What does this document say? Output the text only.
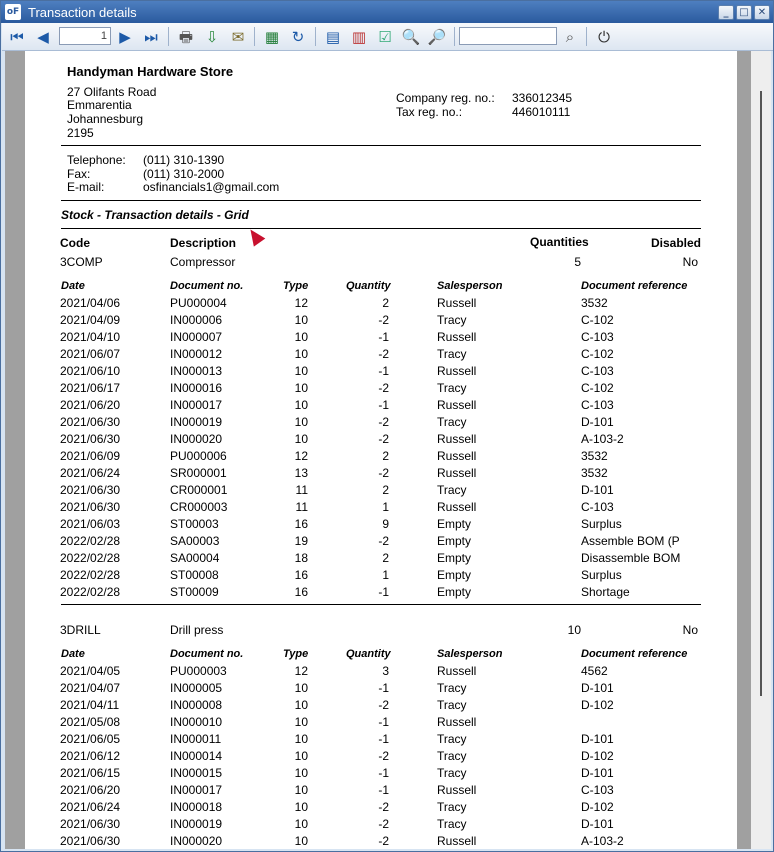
oF Transaction details	_	□ ✕
⏮ ◀	1 ▶ ⏭ 🖶 ⇩ ✉ ▦ ↻ ▤ ▥ ☑ 🔍 🔎	⌕	⏻
Handyman Hardware Store
27 Olifants Road
Emmarentia
Johannesburg
2195
Company reg. no.: 336012345
Tax reg. no.:	446010111
Telephone: (011) 310-1390
Fax:	(011) 310-2000
E-mail:	osfinancials1@gmail.com
Stock - Transaction details - Grid
Code	Description	Quantities	Disabled
3COMP	Compressor	5	No
Date	Document no.	Type	Quantity	Salesperson	Document reference
2021/04/06	PU000004	12	2	Russell	3532
2021/04/09	IN000006	10	-2	Tracy	C-102
2021/04/10	IN000007	10	-1	Russell	C-103
2021/06/07	IN000012	10	-2	Tracy	C-102
2021/06/10	IN000013	10	-1	Russell	C-103
2021/06/17	IN000016	10	-2	Tracy	C-102
2021/06/20	IN000017	10	-1	Russell	C-103
2021/06/30	IN000019	10	-2	Tracy	D-101
2021/06/30	IN000020	10	-2	Russell	A-103-2
2021/06/09	PU000006	12	2	Russell	3532
2021/06/24	SR000001	13	-2	Russell	3532
2021/06/30	CR000001	11	2	Tracy	D-101
2021/06/30	CR000003	11	1	Russell	C-103
2021/06/03	ST00003	16	9	Empty	Surplus
2022/02/28	SA00003	19	-2	Empty	Assemble BOM (P
2022/02/28	SA00004	18	2	Empty	Disassemble BOM
2022/02/28	ST00008	16	1	Empty	Surplus
2022/02/28	ST00009	16	-1	Empty	Shortage
3DRILL	Drill press	10	No
Date	Document no.	Type	Quantity	Salesperson	Document reference
2021/04/05	PU000003	12	3	Russell	4562
2021/04/07	IN000005	10	-1	Tracy	D-101
2021/04/11	IN000008	10	-2	Tracy	D-102
2021/05/08	IN000010	10	-1	Russell
2021/06/05	IN000011	10	-1	Tracy	D-101
2021/06/12	IN000014	10	-2	Tracy	D-102
2021/06/15	IN000015	10	-1	Tracy	D-101
2021/06/20	IN000017	10	-1	Russell	C-103
2021/06/24	IN000018	10	-2	Tracy	D-102
2021/06/30	IN000019	10	-2	Tracy	D-101
2021/06/30	IN000020	10	-2	Russell	A-103-2
